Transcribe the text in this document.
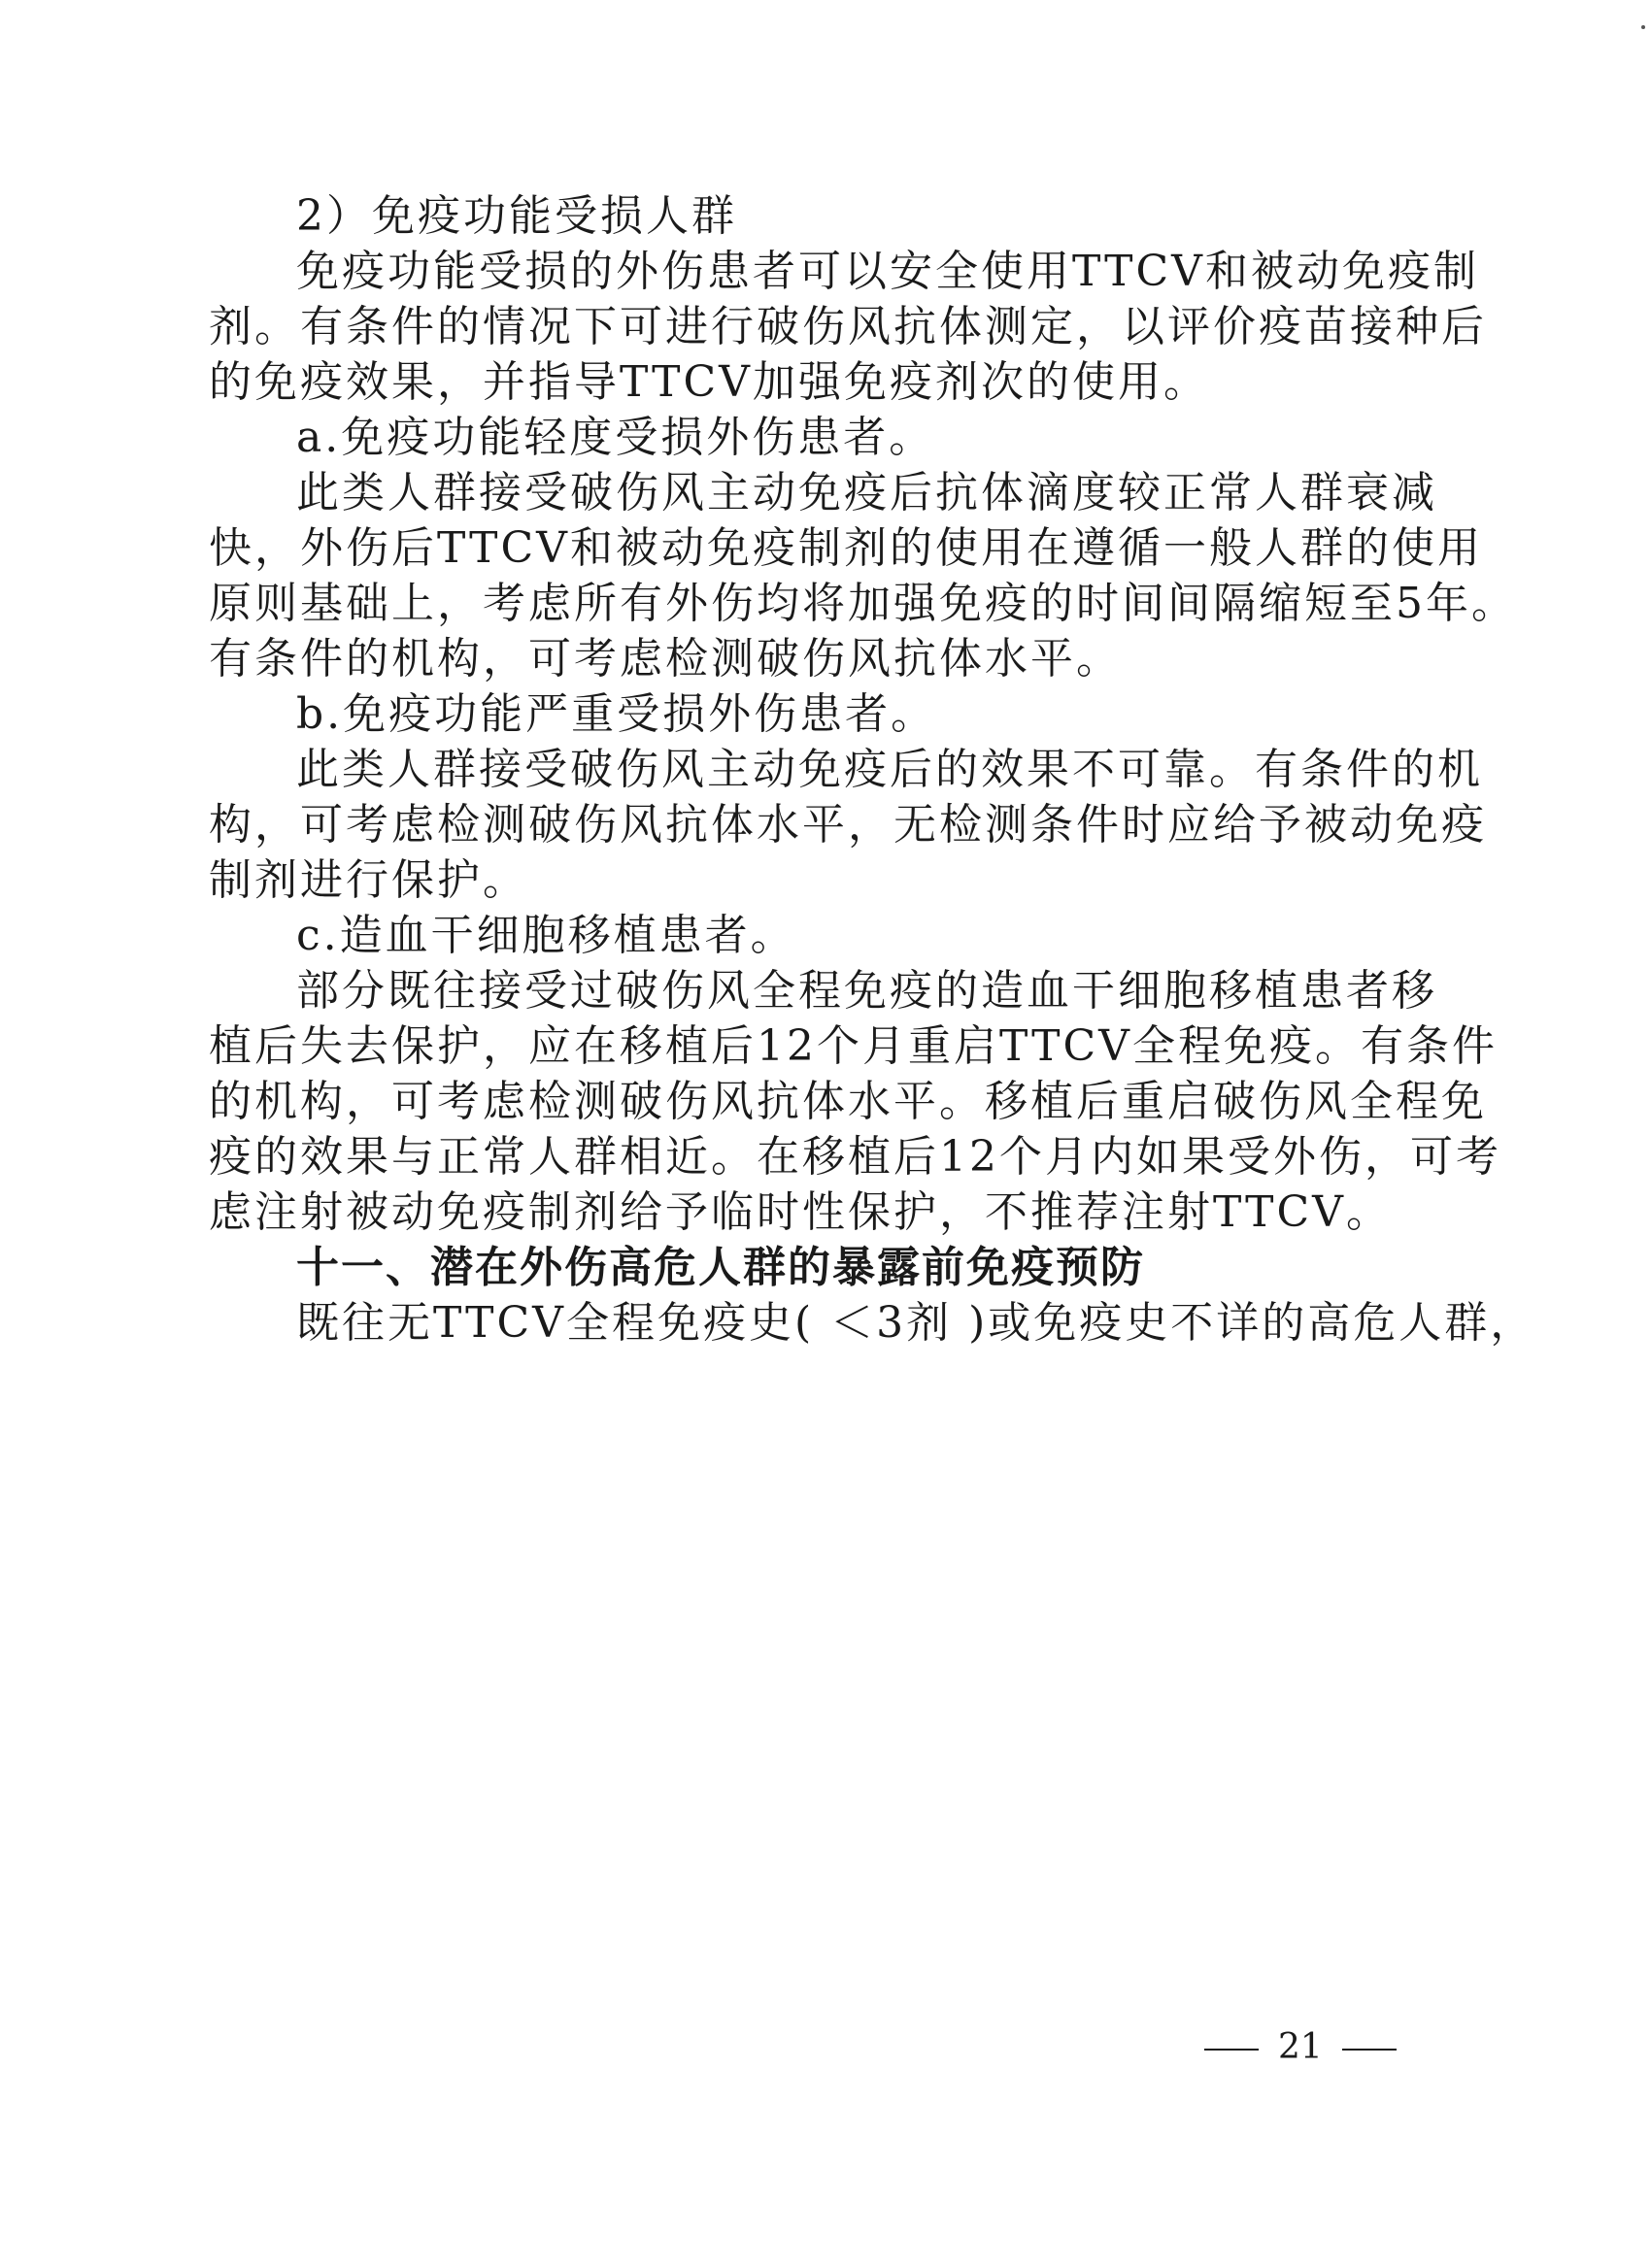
2）免疫功能受损人群
免疫功能受损的外伤患者可以安全使用TTCV和被动免疫制
剂。有条件的情况下可进行破伤风抗体测定，以评价疫苗接种后
的免疫效果，并指导TTCV加强免疫剂次的使用。
a.免疫功能轻度受损外伤患者。
此类人群接受破伤风主动免疫后抗体滴度较正常人群衰减
快，外伤后TTCV和被动免疫制剂的使用在遵循一般人群的使用
原则基础上，考虑所有外伤均将加强免疫的时间间隔缩短至5年。
有条件的机构，可考虑检测破伤风抗体水平。
b.免疫功能严重受损外伤患者。
此类人群接受破伤风主动免疫后的效果不可靠。有条件的机
构，可考虑检测破伤风抗体水平，无检测条件时应给予被动免疫
制剂进行保护。
c.造血干细胞移植患者。
部分既往接受过破伤风全程免疫的造血干细胞移植患者移
植后失去保护，应在移植后12个月重启TTCV全程免疫。有条件
的机构，可考虑检测破伤风抗体水平。移植后重启破伤风全程免
疫的效果与正常人群相近。在移植后12个月内如果受外伤，可考
虑注射被动免疫制剂给予临时性保护，不推荐注射TTCV。
十一、潜在外伤高危人群的暴露前免疫预防
既往无TTCV全程免疫史( ＜3剂 )或免疫史不详的高危人群，
21
